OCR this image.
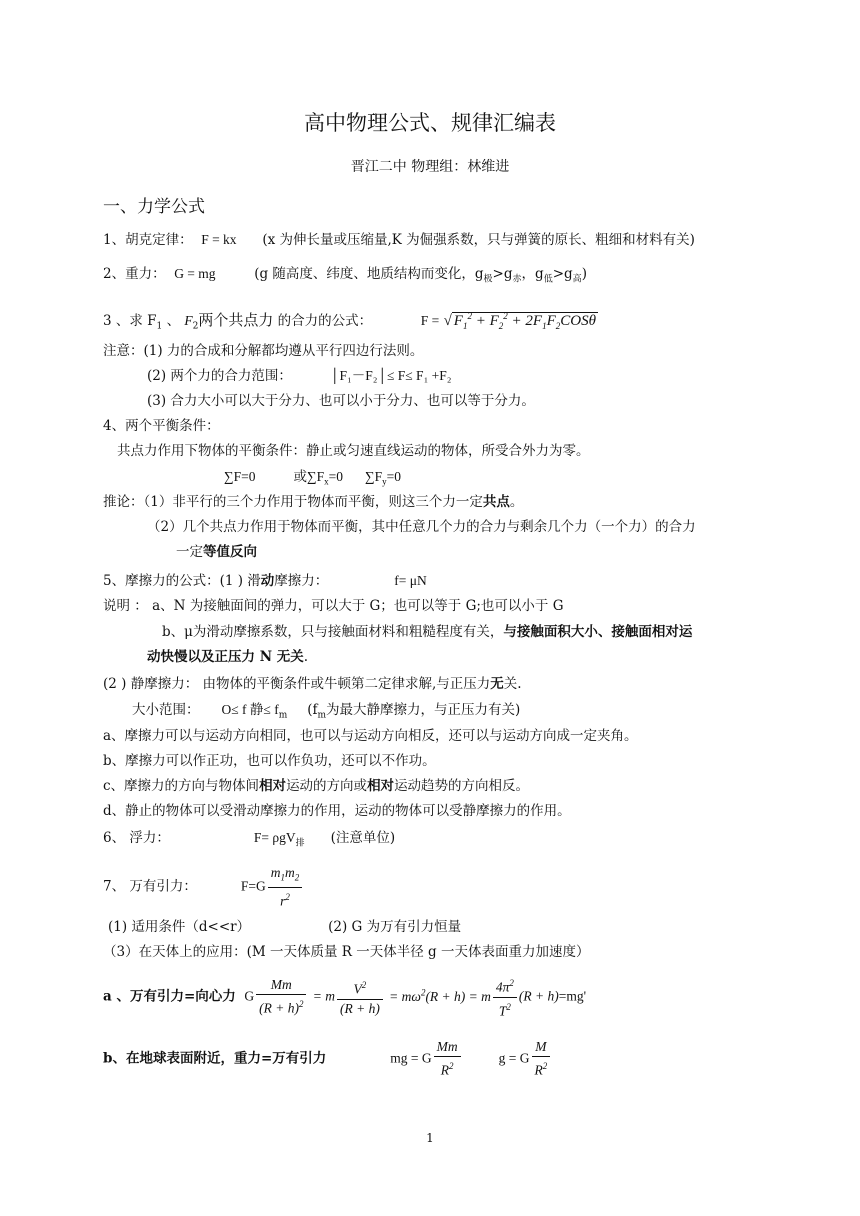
高中物理公式、规律汇编表
晋江二中 物理组：林维进
一、力学公式
1、胡克定律： F = kx (x 为伸长量或压缩量,K 为倔强系数，只与弹簧的原长、粗细和材料有关)
2、重力： G = mg	(g 随高度、纬度、地质结构而变化，$g_极>g_赤$，$g_低>g_高$)
3 、求 $F_1$ 、 $F_2$两个共点力 的合力的公式：	F = √ $F_1^2 + F_2^2 + 2F_1F_2COS\theta$
注意：(1) 力的合成和分解都均遵从平行四边行法则。
(2) 两个力的合力范围：	│F₁－F₂│≤ F≤ F₁ +F₂
(3) 合力大小可以大于分力、也可以小于分力、也可以等于分力。
4、两个平衡条件：
共点力作用下物体的平衡条件：静止或匀速直线运动的物体，所受合外力为零。
∑F=0	或$\sum F_x=0$ $\sum F_y=0$
推论：（1）非平行的三个力作用于物体而平衡，则这三个力一定共点。
（2）几个共点力作用于物体而平衡，其中任意几个力的合力与剩余几个力（一个力）的合力
一定等值反向
5、摩擦力的公式：(1 ) 滑动摩擦力：	f= μN
说明 ： a、N 为接触面间的弹力，可以大于 G；也可以等于 G;也可以小于 G
b、μ为滑动摩擦系数，只与接触面材料和粗糙程度有关，与接触面积大小、接触面相对运
动快慢以及正压力 N 无关.
(2 ) 静摩擦力： 由物体的平衡条件或牛顿第二定律求解,与正压力无关.
大小范围： O≤ f 静≤ $f_m$ ($f_m$为最大静摩擦力，与正压力有关)
a、摩擦力可以与运动方向相同，也可以与运动方向相反，还可以与运动方向成一定夹角。
b、摩擦力可以作正功，也可以作负功，还可以不作功。
c、摩擦力的方向与物体间相对运动的方向或相对运动趋势的方向相反。
d、静止的物体可以受滑动摩擦力的作用，运动的物体可以受静摩擦力的作用。
6、 浮力：	F= ρgV$_排$ (注意单位)
7、 万有引力：	$F=G \frac{m_1m_2}{r^2}$
(1) 适用条件（d<<r）	(2) G 为万有引力恒量
（3）在天体上的应用：(M 一天体质量 R 一天体半径 g 一天体表面重力加速度）
a 、万有引力=向心力 G $\frac{Mm}{(R + h)^2} = m \frac{V^2}{(R + h)} = m\omega^2(R + h) = m \frac{4\pi^2}{T^2} (R + h)=mg'$
b、在地球表面附近，重力=万有引力	mg = G $\frac{Mm}{R^2}$	g = G $\frac{M}{R^2}$
1
